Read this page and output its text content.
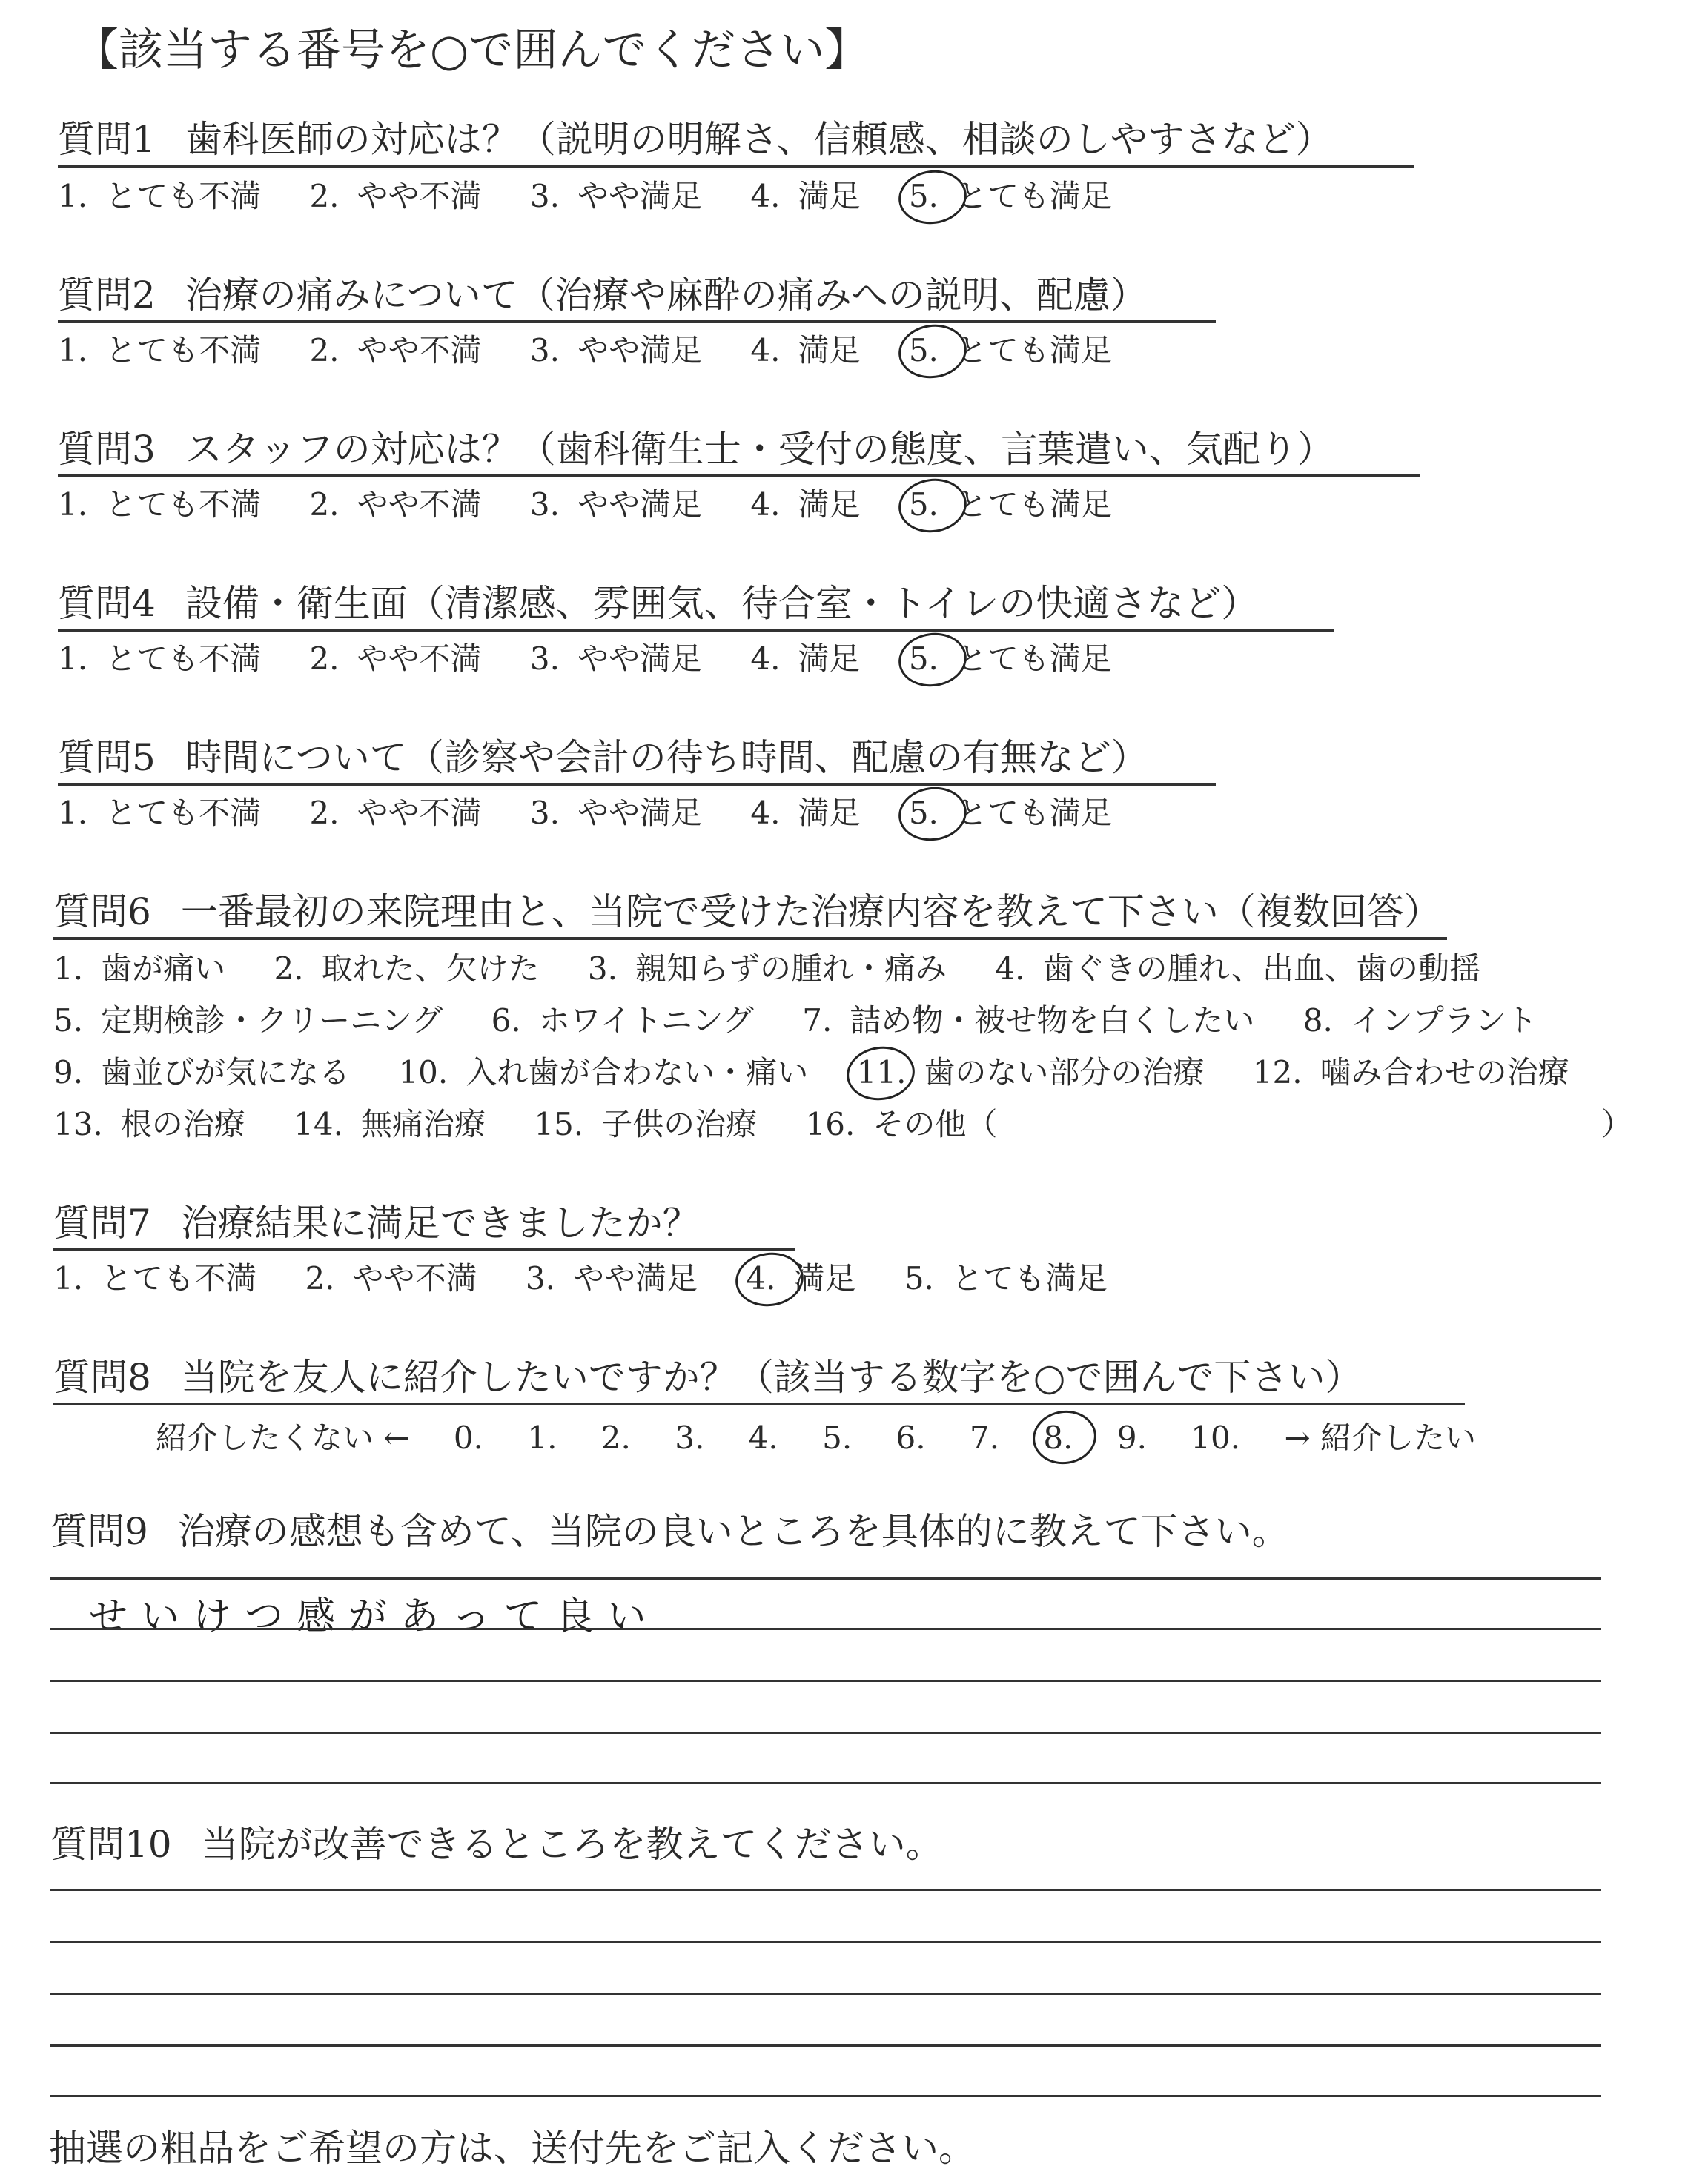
【該当する番号を○で囲んでください】
質問1 歯科医師の対応は？（説明の明解さ、信頼感、相談のしやすさなど）
1. とても不満 2. やや不満 3. やや満足 4. 満足 5. とても満足
質問2 治療の痛みについて（治療や麻酔の痛みへの説明、配慮）
1. とても不満 2. やや不満 3. やや満足 4. 満足 5. とても満足
質問3 スタッフの対応は？（歯科衛生士・受付の態度、言葉遣い、気配り）
1. とても不満 2. やや不満 3. やや満足 4. 満足 5. とても満足
質問4 設備・衛生面（清潔感、雰囲気、待合室・トイレの快適さなど）
1. とても不満 2. やや不満 3. やや満足 4. 満足 5. とても満足
質問5 時間について（診察や会計の待ち時間、配慮の有無など）
1. とても不満 2. やや不満 3. やや満足 4. 満足 5. とても満足
質問6 一番最初の来院理由と、当院で受けた治療内容を教えて下さい（複数回答）
1. 歯が痛い 2. 取れた、欠けた 3. 親知らずの腫れ・痛み 4. 歯ぐきの腫れ、出血、歯の動揺
5. 定期検診・クリーニング 6. ホワイトニング 7. 詰め物・被せ物を白くしたい 8. インプラント
9. 歯並びが気になる 10. 入れ歯が合わない・痛い 11. 歯のない部分の治療 12. 噛み合わせの治療
13. 根の治療 14. 無痛治療 15. 子供の治療 16. その他（	）
質問7 治療結果に満足できましたか？
1. とても不満 2. やや不満 3. やや満足 4. 満足 5. とても満足
質問8 当院を友人に紹介したいですか？（該当する数字を○で囲んで下さい）
紹介したくない ← 0. 1. 2. 3. 4. 5. 6. 7. 8. 9. 10. → 紹介したい
質問9 治療の感想も含めて、当院の良いところを具体的に教えて下さい。
せいけつ感があって良い
質問10 当院が改善できるところを教えてください。
抽選の粗品をご希望の方は、送付先をご記入ください。
